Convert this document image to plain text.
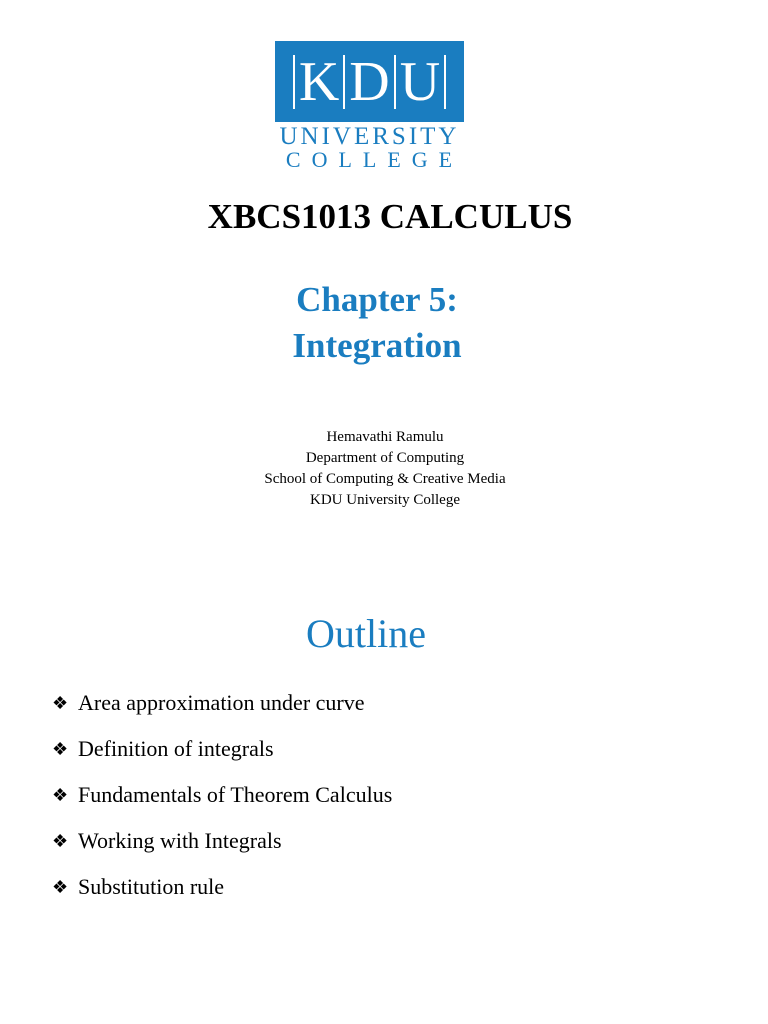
K D U
UNIVERSITY
COLLEGE
XBCS1013 CALCULUS
Chapter 5:
Integration
Hemavathi Ramulu
Department of Computing
School of Computing & Creative Media
KDU University College
Outline
❖ Area approximation under curve
❖ Definition of integrals
❖ Fundamentals of Theorem Calculus
❖ Working with Integrals
❖ Substitution rule
